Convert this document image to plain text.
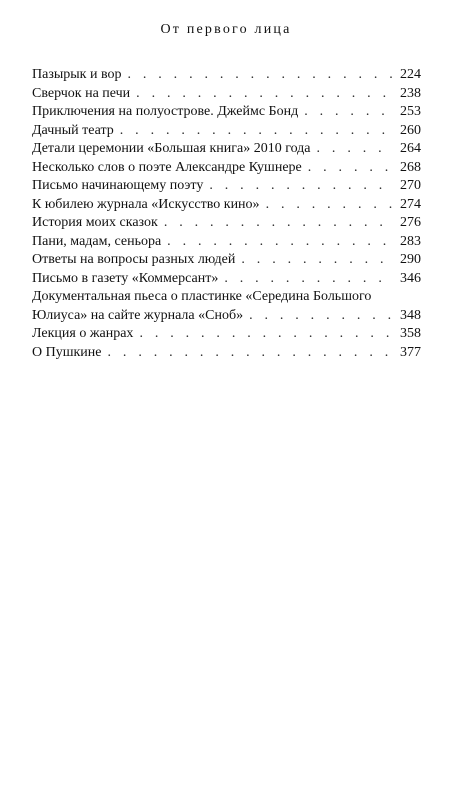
От первого лица
Пазырык и вор . . .	224
Сверчок на печи . . .	238
Приключения на полуострове. Джеймс Бонд . . .	253
Дачный театр . . .	260
Детали церемонии «Большая книга» 2010 года . . .	264
Несколько слов о поэте Александре Кушнере . . .	268
Письмо начинающему поэту . . .	270
К юбилею журнала «Искусство кино» . . .	274
История моих сказок . . .	276
Пани, мадам, сеньора . . .	283
Ответы на вопросы разных людей . . .	290
Письмо в газету «Коммерсант» . . .	346
Документальная пьеса о пластинке «Середина Большого
Юлиуса» на сайте журнала «Сноб» . . .	348
Лекция о жанрах . . .	358
О Пушкине . . .	377
